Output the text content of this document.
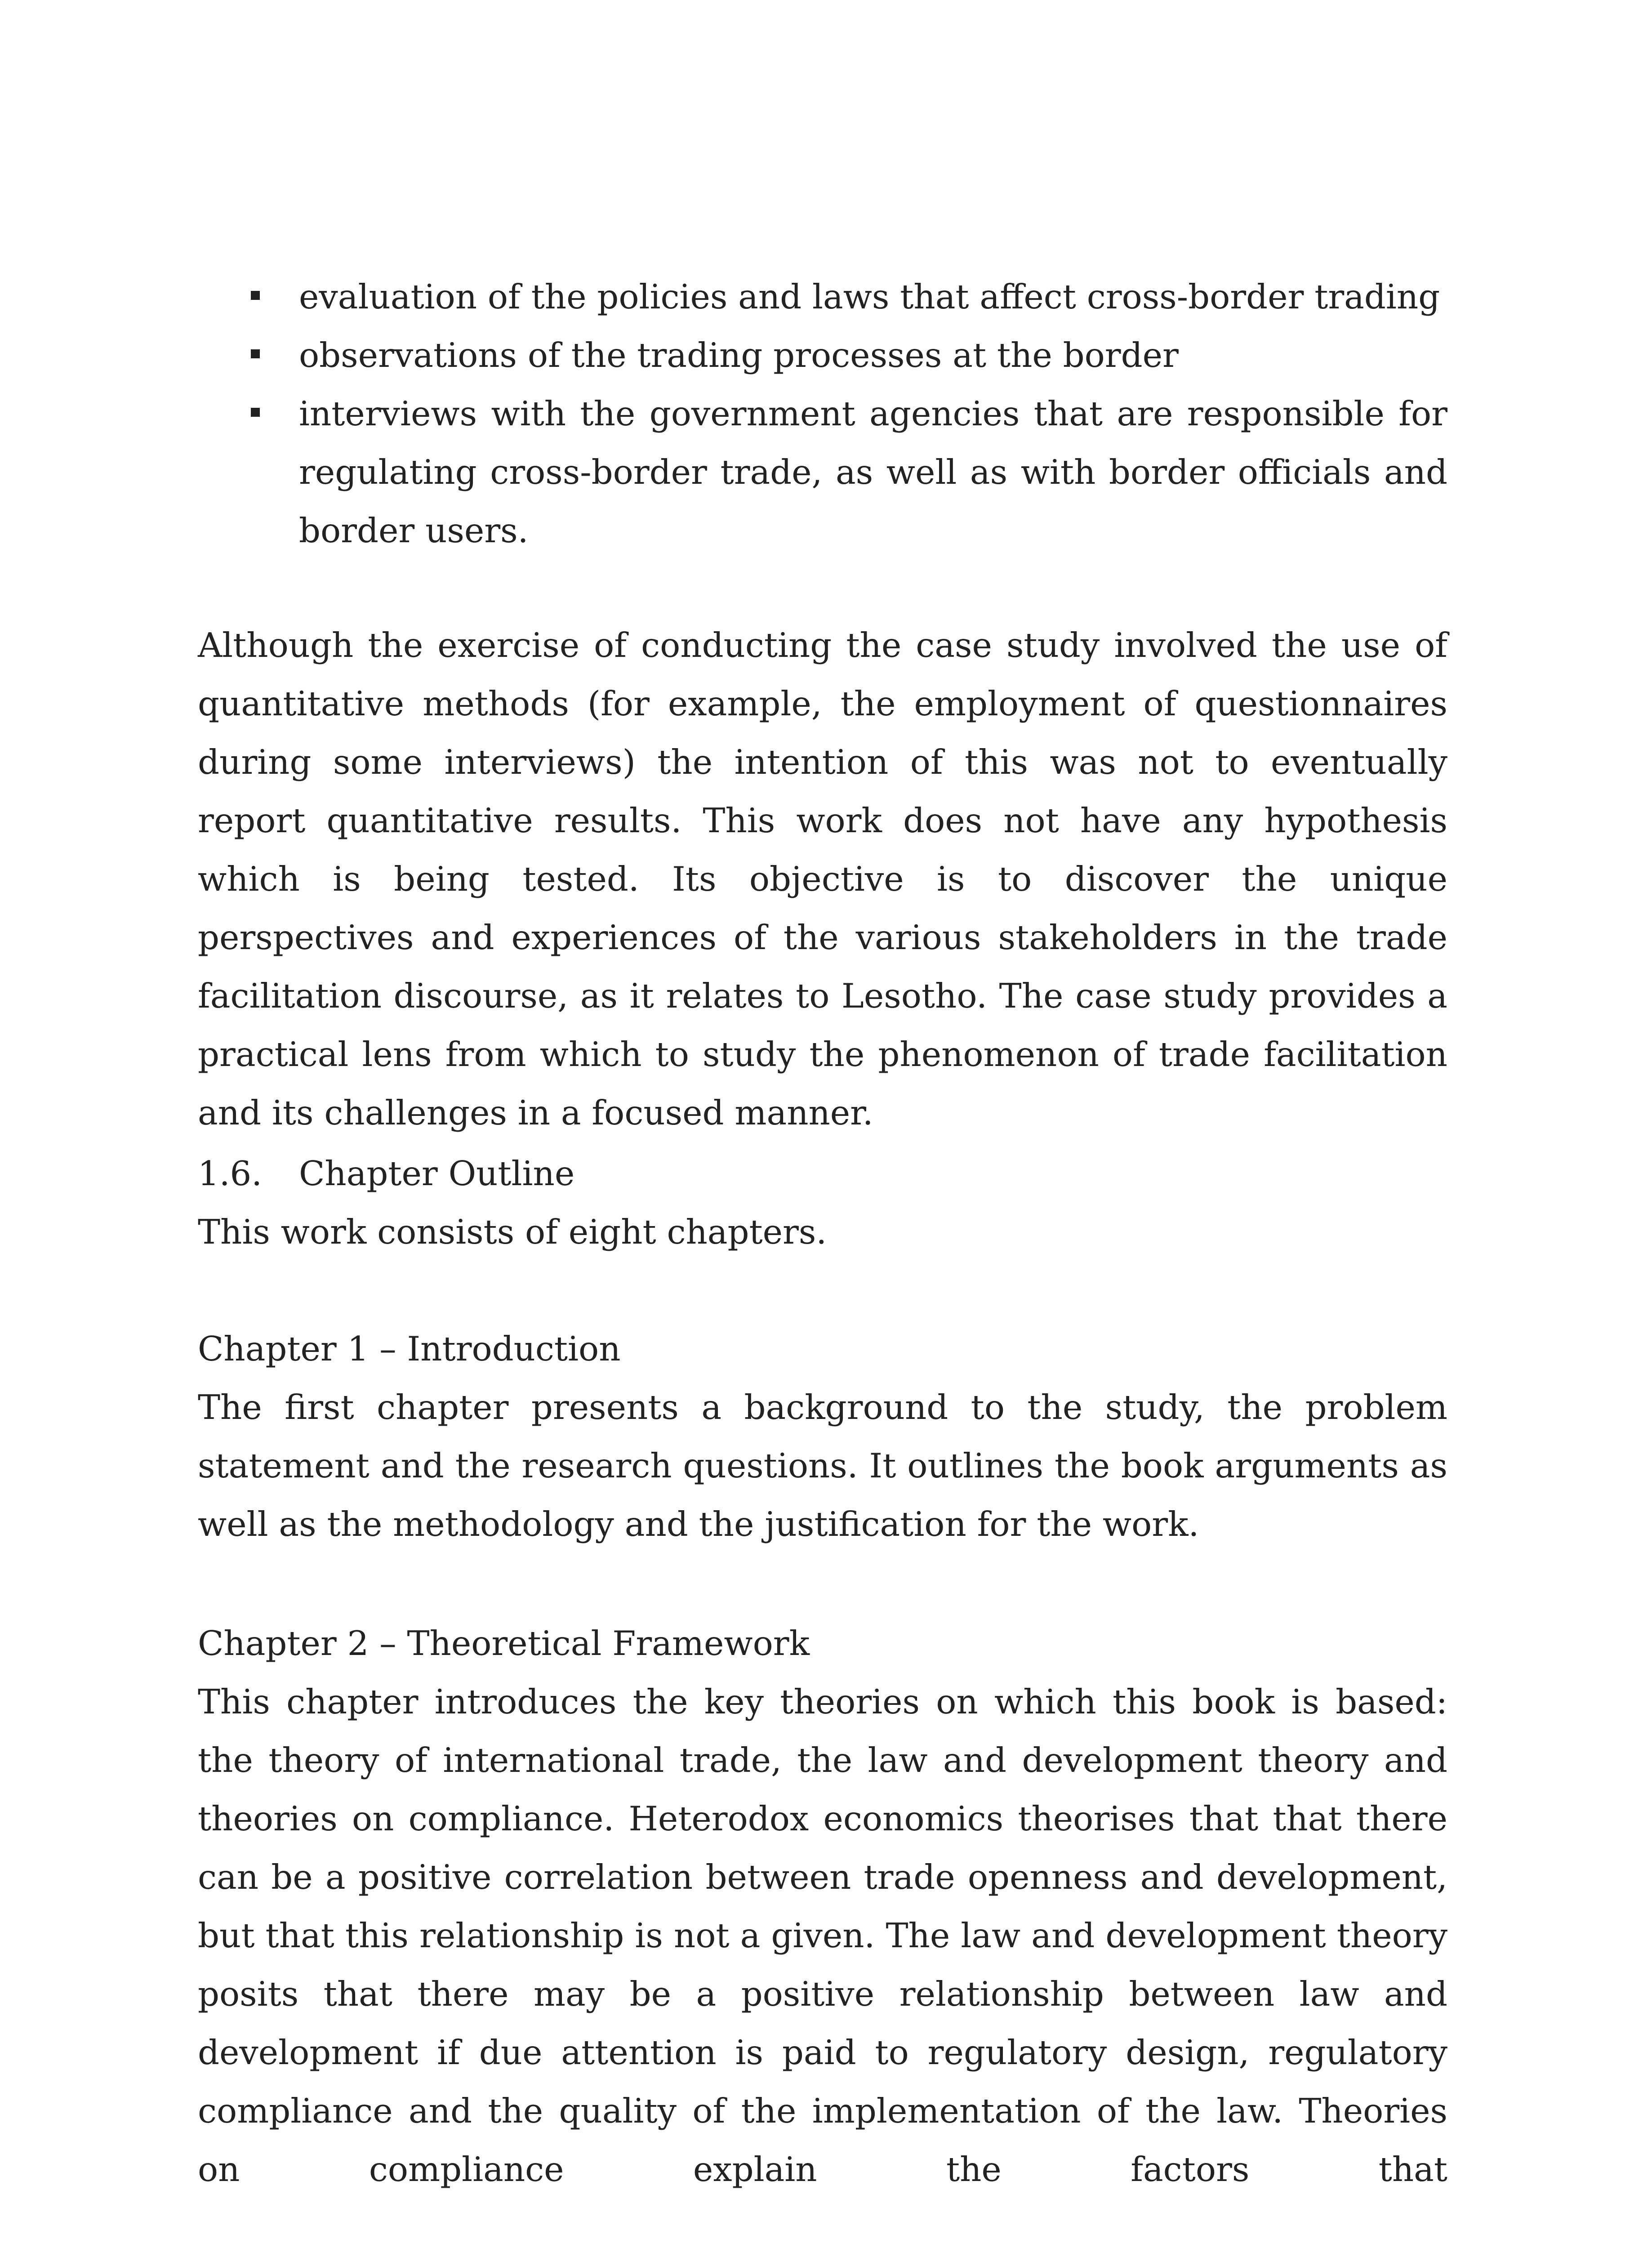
evaluation of the policies and laws that affect cross-border trading
observations of the trading processes at the border
interviews with the government agencies that are responsible for regulating cross-border trade, as well as with border officials and border users.
Although the exercise of conducting the case study involved the use of quantitative methods (for example, the employment of questionnaires during some interviews) the intention of this was not to eventually report quantitative results. This work does not have any hypothesis which is being tested. Its objective is to discover the unique perspectives and experiences of the various stakeholders in the trade facilitation discourse, as it relates to Lesotho. The case study provides a practical lens from which to study the phenomenon of trade facilitation and its challenges in a focused manner.
1.6. Chapter Outline
This work consists of eight chapters.
Chapter 1 – Introduction
The first chapter presents a background to the study, the problem statement and the research questions. It outlines the book arguments as well as the methodology and the justification for the work.
Chapter 2 – Theoretical Framework
This chapter introduces the key theories on which this book is based: the theory of international trade, the law and development theory and theories on compliance. Heterodox economics theorises that that there can be a positive correlation between trade openness and development, but that this relationship is not a given. The law and development theory posits that there may be a positive relationship between law and development if due attention is paid to regulatory design, regulatory compliance and the quality of the implementation of the law. Theories on compliance explain the factors that
